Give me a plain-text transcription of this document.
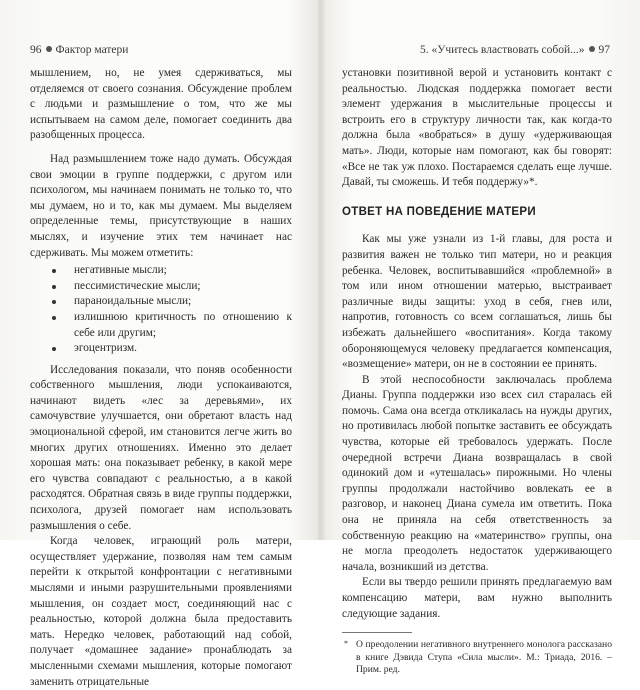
96 Фактор матери

мышлением, но, не умея сдерживаться, мы отделяемся от своего сознания. Обсуждение проблем с людьми и размышление о том, что же мы испытываем на самом деле, помогает соединить два разобщенных процесса.

Над размышлением тоже надо думать. Обсуждая свои эмоции в группе поддержки, с другом или психологом, мы начинаем понимать не только то, что мы думаем, но и то, как мы думаем. Мы выделяем определенные темы, присутствующие в наших мыслях, и изучение этих тем начинает нас сдерживать. Мы можем отметить:

негативные мысли;
пессимистические мысли;
параноидальные мысли;
излишнюю критичность по отношению к себе или другим;
эгоцентризм.

Исследования показали, что поняв особенности собственного мышления, люди успокаиваются, начинают видеть «лес за деревьями», их самочувствие улучшается, они обретают власть над эмоциональной сферой, им становится легче жить во многих других отношениях. Именно это делает хорошая мать: она показывает ребенку, в какой мере его чувства совпадают с реальностью, а в какой расходятся. Обратная связь в виде группы поддержки, психолога, друзей помогает нам использовать размышления о себе.

Когда человек, играющий роль матери, осуществляет удержание, позволяя нам тем самым перейти к открытой конфронтации с негативными мыслями и иными разрушительными проявлениями мышления, он создает мост, соединяющий нас с реальностью, которой должна была предоставить мать. Нередко человек, работающий над собой, получает «домашнее задание» пронаблюдать за мысленными схемами мышления, которые помогают заменить отрицательные

5. «Учитесь властвовать собой...» 97

установки позитивной верой и установить контакт с реальностью. Людская поддержка помогает вести элемент удержания в мыслительные процессы и встроить его в структуру личности так, как когда-то должна была «вобраться» в душу «удерживающая мать». Люди, которые нам помогают, как бы говорят: «Все не так уж плохо. Постараемся сделать еще лучше. Давай, ты сможешь. И тебя поддержу»*.

ОТВЕТ НА ПОВЕДЕНИЕ МАТЕРИ

Как мы уже узнали из 1-й главы, для роста и развития важен не только тип матери, но и реакция ребенка. Человек, воспитывавшийся «проблемной» в том или ином отношении матерью, выстраивает различные виды защиты: уход в себя, гнев или, напротив, готовность со всем соглашаться, лишь бы избежать дальнейшего «воспитания». Когда такому обороняющемуся человеку предлагается компенсация, «возмещение» матери, он не в состоянии ее принять.

В этой неспособности заключалась проблема Дианы. Группа поддержки изо всех сил старалась ей помочь. Сама она всегда откликалась на нужды других, но противилась любой попытке заставить ее обсуждать чувства, которые ей требовалось удержать. После очередной встречи Диана возвращалась в свой одинокий дом и «утешалась» пирожными. Но члены группы продолжали настойчиво вовлекать ее в разговор, и наконец Диана сумела им ответить. Пока она не приняла на себя ответственность за собственную реакцию на «материнство» группы, она не могла преодолеть недостаток удерживающего начала, возникший из детства.

Если вы твердо решили принять предлагаемую вам компенсацию матери, вам нужно выполнить следующие задания.

* О преодолении негативного внутреннего монолога рассказано в книге Дэвида Ступа «Сила мысли». М.: Триада, 2016. – Прим. ред.
